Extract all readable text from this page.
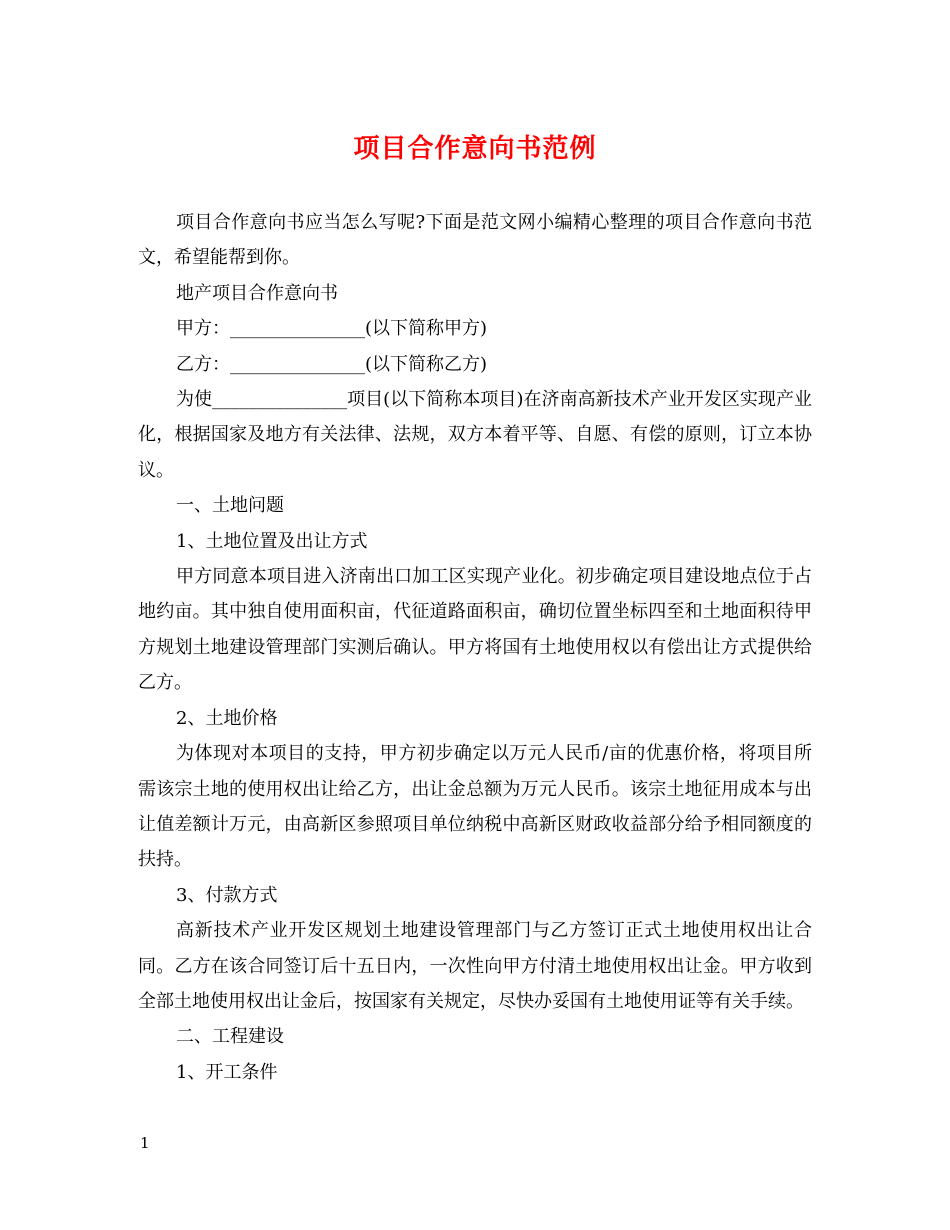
项目合作意向书范例

项目合作意向书应当怎么写呢?下面是范文网小编精心整理的项目合作意向书范文，希望能帮到你。

地产项目合作意向书

甲方：_______________(以下简称甲方)

乙方：_______________(以下简称乙方)

为使_______________项目(以下简称本项目)在济南高新技术产业开发区实现产业化，根据国家及地方有关法律、法规，双方本着平等、自愿、有偿的原则，订立本协议。

一、土地问题

1、土地位置及出让方式

甲方同意本项目进入济南出口加工区实现产业化。初步确定项目建设地点位于占地约亩。其中独自使用面积亩，代征道路面积亩，确切位置坐标四至和土地面积待甲方规划土地建设管理部门实测后确认。甲方将国有土地使用权以有偿出让方式提供给乙方。

2、土地价格

为体现对本项目的支持，甲方初步确定以万元人民币/亩的优惠价格，将项目所需该宗土地的使用权出让给乙方，出让金总额为万元人民币。该宗土地征用成本与出让值差额计万元，由高新区参照项目单位纳税中高新区财政收益部分给予相同额度的扶持。

3、付款方式

高新技术产业开发区规划土地建设管理部门与乙方签订正式土地使用权出让合同。乙方在该合同签订后十五日内，一次性向甲方付清土地使用权出让金。甲方收到全部土地使用权出让金后，按国家有关规定，尽快办妥国有土地使用证等有关手续。

二、工程建设

1、开工条件

1
